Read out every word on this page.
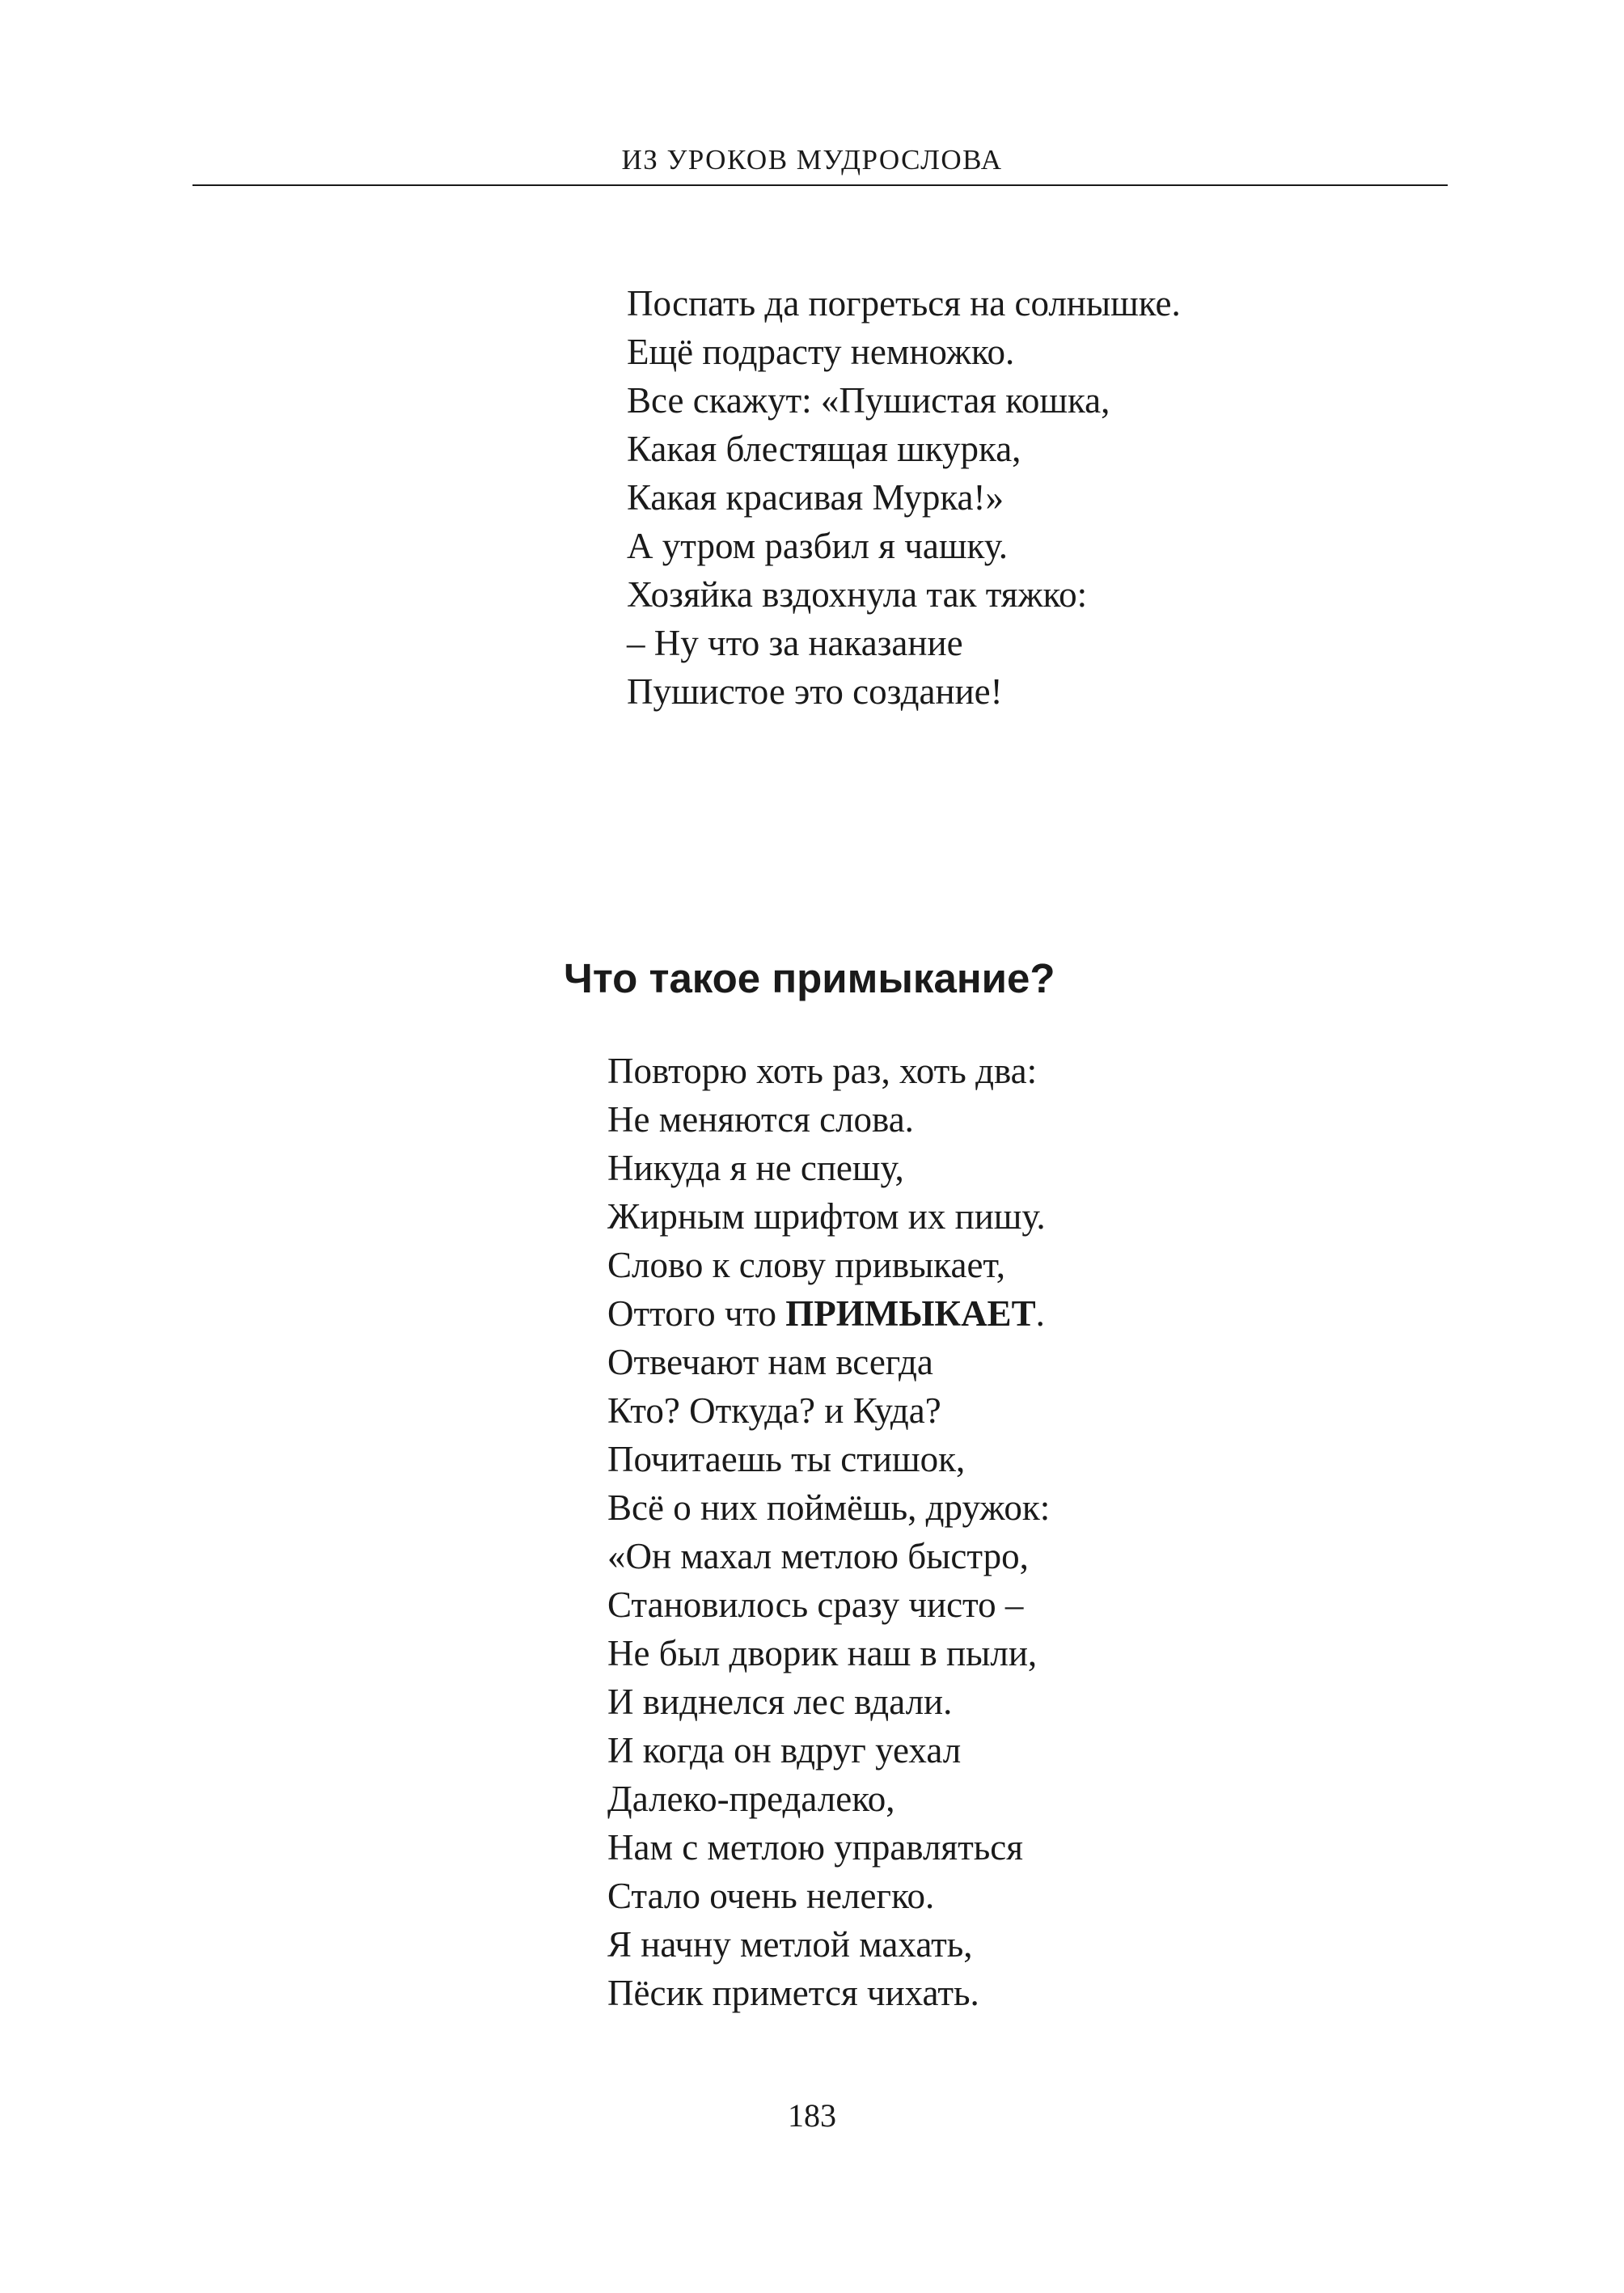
ИЗ УРОКОВ МУДРОСЛОВА
Поспать да погреться на солнышке.
Ещё подрасту немножко.
Все скажут: «Пушистая кошка,
Какая блестящая шкурка,
Какая красивая Мурка!»
А утром разбил я чашку.
Хозяйка вздохнула так тяжко:
– Ну что за наказание
Пушистое это создание!
Что такое примыкание?
Повторю хоть раз, хоть два:
Не меняются слова.
Никуда я не спешу,
Жирным шрифтом их пишу.
Слово к слову привыкает,
Оттого что ПРИМЫКАЕТ.
Отвечают нам всегда
Кто? Откуда? и Куда?
Почитаешь ты стишок,
Всё о них поймёшь, дружок:
«Он махал метлою быстро,
Становилось сразу чисто –
Не был дворик наш в пыли,
И виднелся лес вдали.
И когда он вдруг уехал
Далеко-предалеко,
Нам с метлою управляться
Стало очень нелегко.
Я начну метлой махать,
Пёсик примется чихать.
183
